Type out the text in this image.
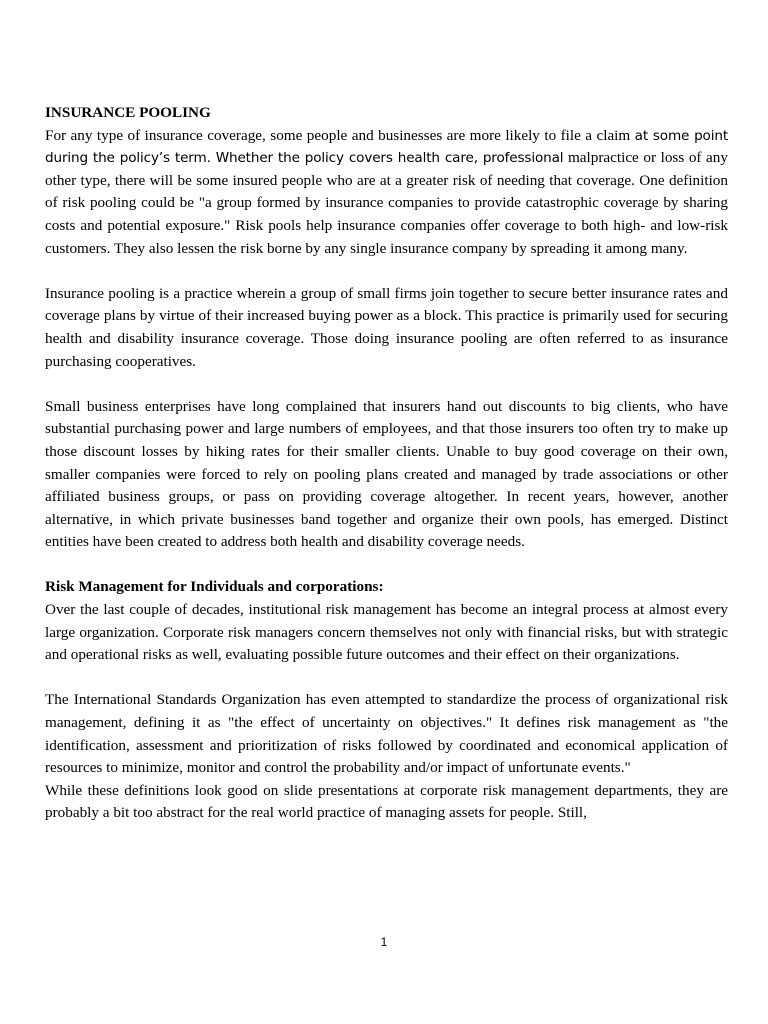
INSURANCE POOLING
For any type of insurance coverage, some people and businesses are more likely to file a claim at some point during the policy’s term. Whether the policy covers health care, professional malpractice or loss of any other type, there will be some insured people who are at a greater risk of needing that coverage. One definition of risk pooling could be "a group formed by insurance companies to provide catastrophic coverage by sharing costs and potential exposure." Risk pools help insurance companies offer coverage to both high- and low-risk customers. They also lessen the risk borne by any single insurance company by spreading it among many.
Insurance pooling is a practice wherein a group of small firms join together to secure better insurance rates and coverage plans by virtue of their increased buying power as a block. This practice is primarily used for securing health and disability insurance coverage. Those doing insurance pooling are often referred to as insurance purchasing cooperatives.
Small business enterprises have long complained that insurers hand out discounts to big clients, who have substantial purchasing power and large numbers of employees, and that those insurers too often try to make up those discount losses by hiking rates for their smaller clients. Unable to buy good coverage on their own, smaller companies were forced to rely on pooling plans created and managed by trade associations or other affiliated business groups, or pass on providing coverage altogether. In recent years, however, another alternative, in which private businesses band together and organize their own pools, has emerged. Distinct entities have been created to address both health and disability coverage needs.
Risk Management for Individuals and corporations:
Over the last couple of decades, institutional risk management has become an integral process at almost every large organization. Corporate risk managers concern themselves not only with financial risks, but with strategic and operational risks as well, evaluating possible future outcomes and their effect on their organizations.
The International Standards Organization has even attempted to standardize the process of organizational risk management, defining it as "the effect of uncertainty on objectives." It defines risk management as "the identification, assessment and prioritization of risks followed by coordinated and economical application of resources to minimize, monitor and control the probability and/or impact of unfortunate events."
While these definitions look good on slide presentations at corporate risk management departments, they are probably a bit too abstract for the real world practice of managing assets for people. Still,
1
